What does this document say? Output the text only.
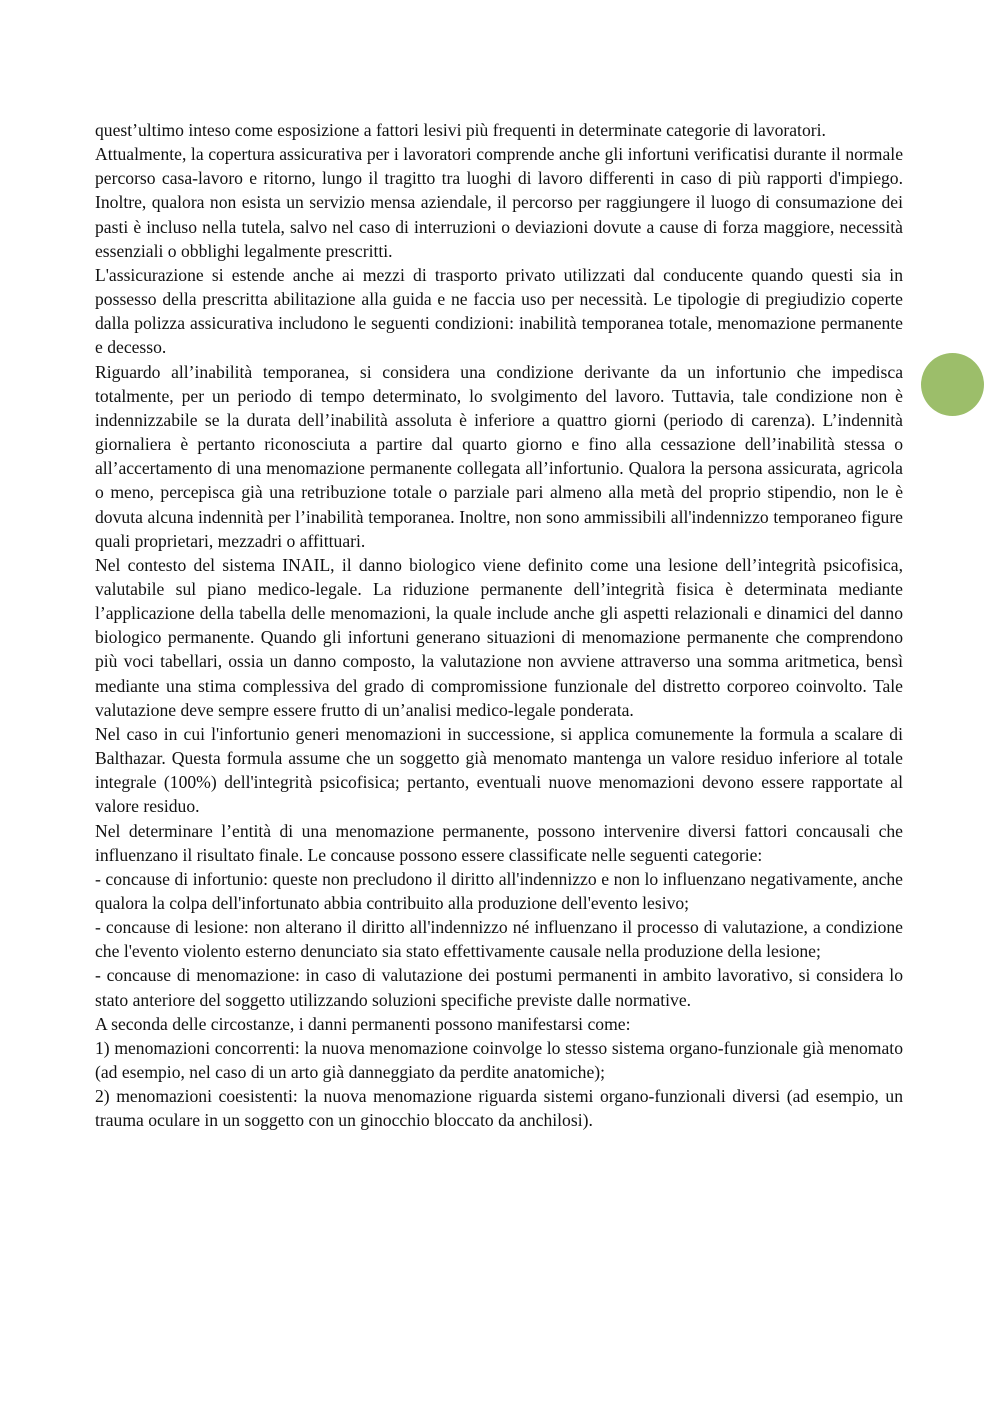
quest’ultimo inteso come esposizione a fattori lesivi più frequenti in determinate categorie di lavoratori.

Attualmente, la copertura assicurativa per i lavoratori comprende anche gli infortuni verificatisi durante il normale percorso casa-lavoro e ritorno, lungo il tragitto tra luoghi di lavoro differenti in caso di più rapporti d'impiego. Inoltre, qualora non esista un servizio mensa aziendale, il percorso per raggiungere il luogo di consumazione dei pasti è incluso nella tutela, salvo nel caso di interruzioni o deviazioni dovute a cause di forza maggiore, necessità essenziali o obblighi legalmente prescritti.

L'assicurazione si estende anche ai mezzi di trasporto privato utilizzati dal conducente quando questi sia in possesso della prescritta abilitazione alla guida e ne faccia uso per necessità. Le tipologie di pregiudizio coperte dalla polizza assicurativa includono le seguenti condizioni: inabilità temporanea totale, menomazione permanente e decesso.

Riguardo all’inabilità temporanea, si considera una condizione derivante da un infortunio che impedisca totalmente, per un periodo di tempo determinato, lo svolgimento del lavoro. Tuttavia, tale condizione non è indennizzabile se la durata dell’inabilità assoluta è inferiore a quattro giorni (periodo di carenza). L’indennità giornaliera è pertanto riconosciuta a partire dal quarto giorno e fino alla cessazione dell’inabilità stessa o all’accertamento di una menomazione permanente collegata all’infortunio. Qualora la persona assicurata, agricola o meno, percepisca già una retribuzione totale o parziale pari almeno alla metà del proprio stipendio, non le è dovuta alcuna indennità per l’inabilità temporanea. Inoltre, non sono ammissibili all'indennizzo temporaneo figure quali proprietari, mezzadri o affittuari.

Nel contesto del sistema INAIL, il danno biologico viene definito come una lesione dell’integrità psicofisica, valutabile sul piano medico-legale. La riduzione permanente dell’integrità fisica è determinata mediante l’applicazione della tabella delle menomazioni, la quale include anche gli aspetti relazionali e dinamici del danno biologico permanente. Quando gli infortuni generano situazioni di menomazione permanente che comprendono più voci tabellari, ossia un danno composto, la valutazione non avviene attraverso una somma aritmetica, bensì mediante una stima complessiva del grado di compromissione funzionale del distretto corporeo coinvolto. Tale valutazione deve sempre essere frutto di un’analisi medico-legale ponderata.

Nel caso in cui l'infortunio generi menomazioni in successione, si applica comunemente la formula a scalare di Balthazar. Questa formula assume che un soggetto già menomato mantenga un valore residuo inferiore al totale integrale (100%) dell'integrità psicofisica; pertanto, eventuali nuove menomazioni devono essere rapportate al valore residuo.

Nel determinare l’entità di una menomazione permanente, possono intervenire diversi fattori concausali che influenzano il risultato finale. Le concause possono essere classificate nelle seguenti categorie:

- concause di infortunio: queste non precludono il diritto all'indennizzo e non lo influenzano negativamente, anche qualora la colpa dell'infortunato abbia contribuito alla produzione dell'evento lesivo;

- concause di lesione: non alterano il diritto all'indennizzo né influenzano il processo di valutazione, a condizione che l'evento violento esterno denunciato sia stato effettivamente causale nella produzione della lesione;

- concause di menomazione: in caso di valutazione dei postumi permanenti in ambito lavorativo, si considera lo stato anteriore del soggetto utilizzando soluzioni specifiche previste dalle normative.

A seconda delle circostanze, i danni permanenti possono manifestarsi come:

1) menomazioni concorrenti: la nuova menomazione coinvolge lo stesso sistema organo-funzionale già menomato (ad esempio, nel caso di un arto già danneggiato da perdite anatomiche);

2) menomazioni coesistenti: la nuova menomazione riguarda sistemi organo-funzionali diversi (ad esempio, un trauma oculare in un soggetto con un ginocchio bloccato da anchilosi).
